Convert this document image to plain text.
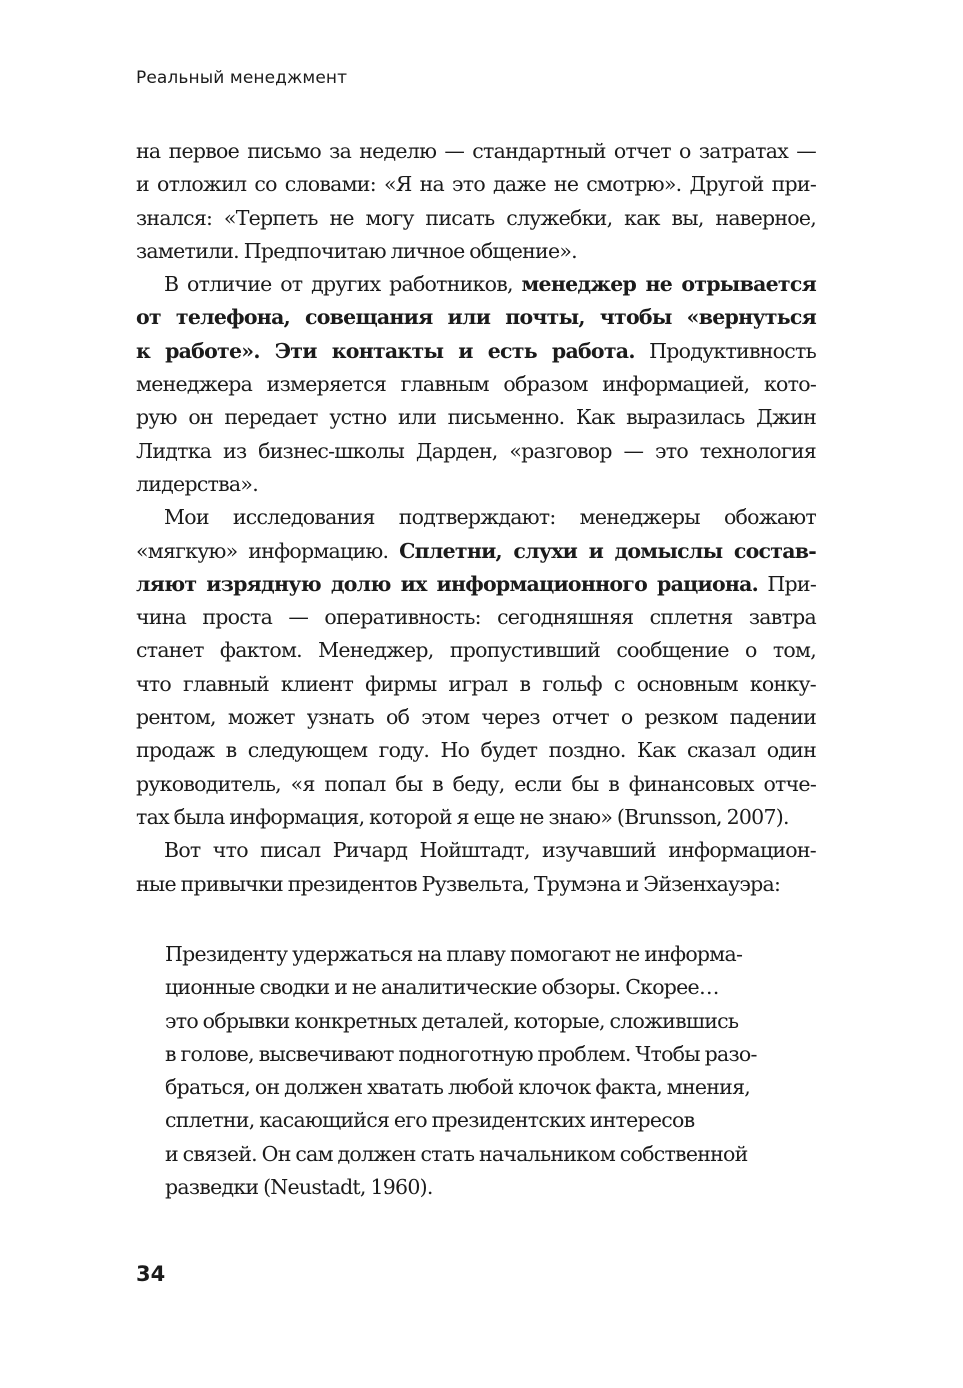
Реальный менеджмент
на первое письмо за неделю — стандартный отчет о затратах —
и отложил со словами: «Я на это даже не смотрю». Другой при-
знался: «Терпеть не могу писать служебки, как вы, наверное,
заметили. Предпочитаю личное общение».
В отличие от других работников, менеджер не отрывается
от телефона, совещания или почты, чтобы «вернуться
к работе». Эти контакты и есть работа. Продуктивность
менеджера измеряется главным образом информацией, кото-
рую он передает устно или письменно. Как выразилась Джин
Лидтка из бизнес-школы Дарден, «разговор — это технология
лидерства».
Мои исследования подтверждают: менеджеры обожают
«мягкую» информацию. Сплетни, слухи и домыслы состав-
ляют изрядную долю их информационного рациона. При-
чина проста — оперативность: сегодняшняя сплетня завтра
станет фактом. Менеджер, пропустивший сообщение о том,
что главный клиент фирмы играл в гольф с основным конку-
рентом, может узнать об этом через отчет о резком падении
продаж в следующем году. Но будет поздно. Как сказал один
руководитель, «я попал бы в беду, если бы в финансовых отче-
тах была информация, которой я еще не знаю» (Brunsson, 2007).
Вот что писал Ричард Нойштадт, изучавший информацион-
ные привычки президентов Рузвельта, Трумэна и Эйзенхауэра:
Президенту удержаться на плаву помогают не информа-
ционные сводки и не аналитические обзоры. Скорее…
это обрывки конкретных деталей, которые, сложившись
в голове, высвечивают подноготную проблем. Чтобы разо-
браться, он должен хватать любой клочок факта, мнения,
сплетни, касающийся его президентских интересов
и связей. Он сам должен стать начальником собственной
разведки (Neustadt, 1960).
34
